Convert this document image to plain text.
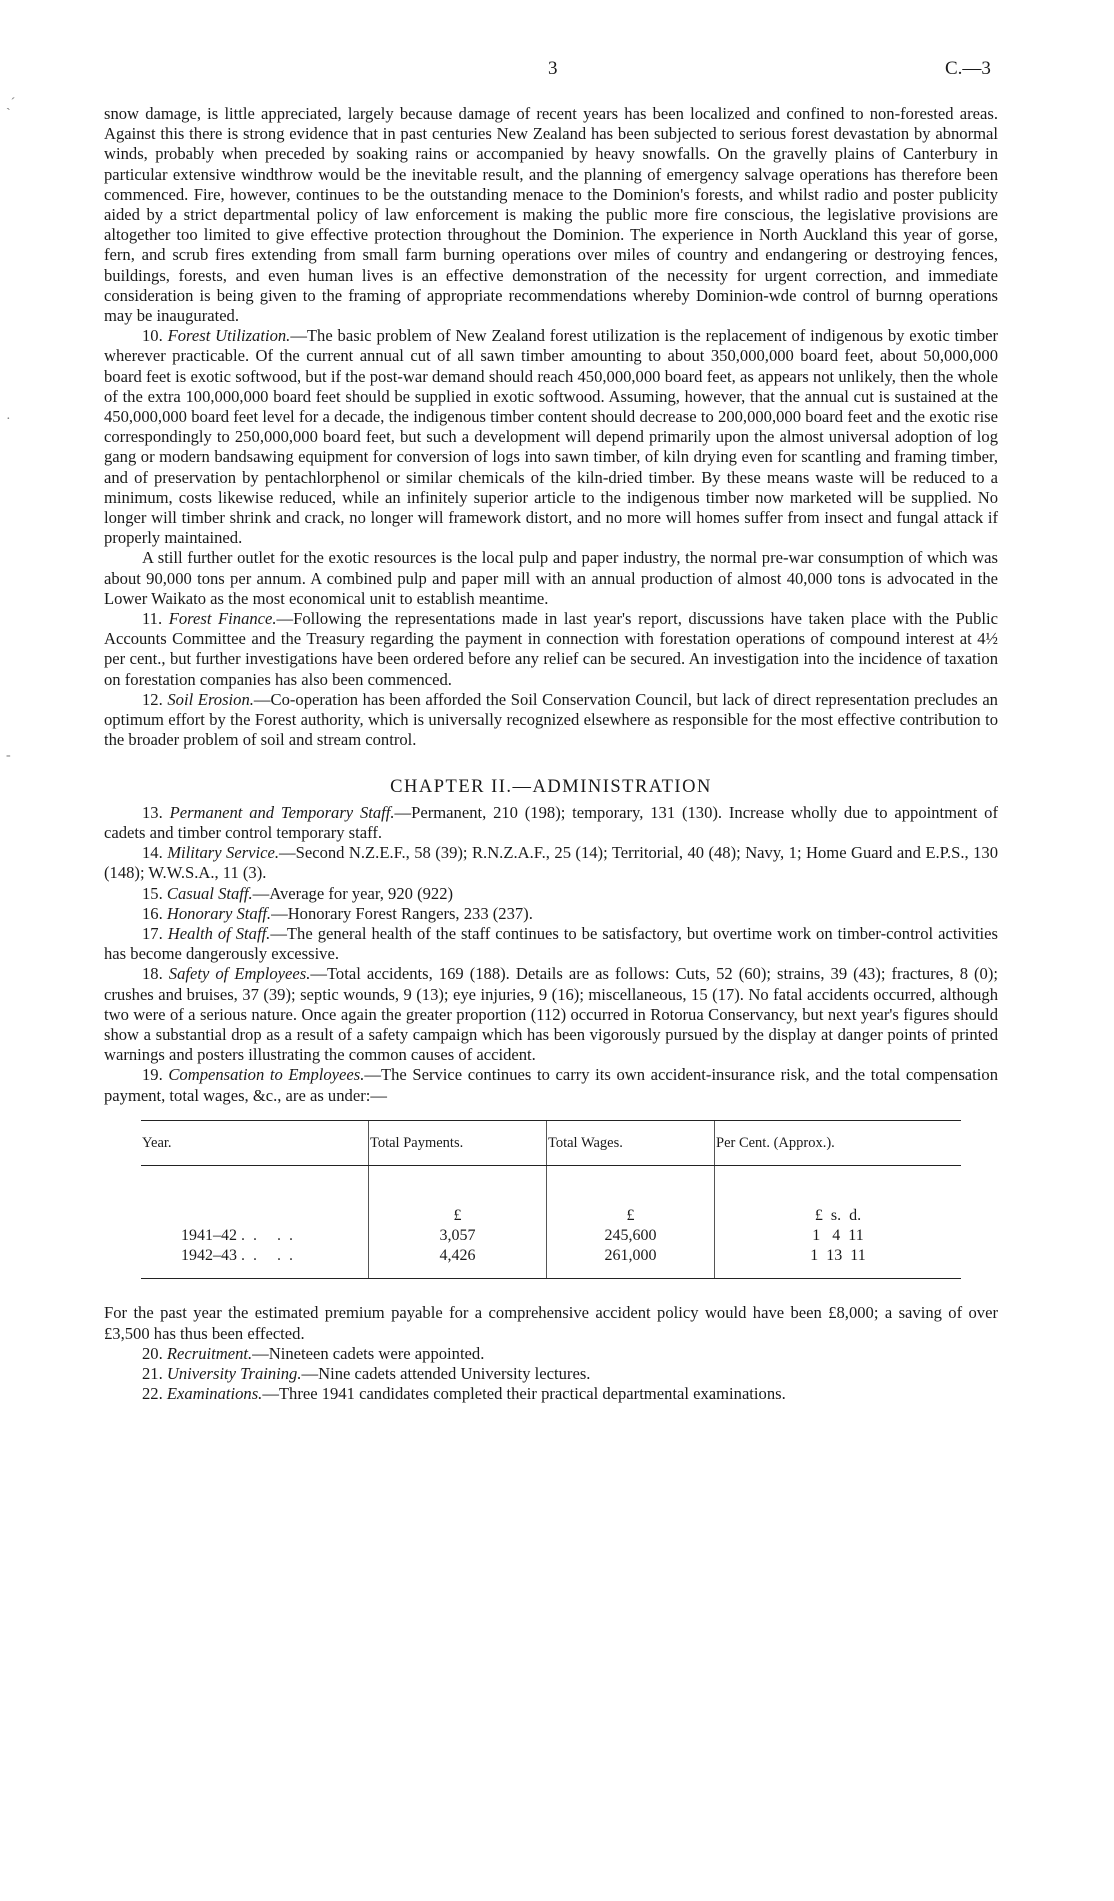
3	C.—3
ˎ´
·
-

snow damage, is little appreciated, largely because damage of recent years has been localized and confined to non-forested areas. Against this there is strong evidence that in past centuries New Zealand has been subjected to serious forest devastation by abnormal winds, probably when preceded by soaking rains or accompanied by heavy snowfalls. On the gravelly plains of Canterbury in particular extensive windthrow would be the inevitable result, and the planning of emergency salvage operations has therefore been commenced. Fire, however, continues to be the outstanding menace to the Dominion's forests, and whilst radio and poster publicity aided by a strict departmental policy of law enforcement is making the public more fire conscious, the legislative provisions are altogether too limited to give effective protection throughout the Dominion. The experience in North Auckland this year of gorse, fern, and scrub fires extending from small farm burning operations over miles of country and endangering or destroying fences, buildings, forests, and even human lives is an effective demonstration of the necessity for urgent correction, and immediate consideration is being given to the framing of appropriate recommendations whereby Dominion-wde control of burnng operations may be inaugurated.

10. Forest Utilization.—The basic problem of New Zealand forest utilization is the replacement of indigenous by exotic timber wherever practicable. Of the current annual cut of all sawn timber amounting to about 350,000,000 board feet, about 50,000,000 board feet is exotic softwood, but if the post-war demand should reach 450,000,000 board feet, as appears not unlikely, then the whole of the extra 100,000,000 board feet should be supplied in exotic softwood. Assuming, however, that the annual cut is sustained at the 450,000,000 board feet level for a decade, the indigenous timber content should decrease to 200,000,000 board feet and the exotic rise correspondingly to 250,000,000 board feet, but such a development will depend primarily upon the almost universal adoption of log gang or modern bandsawing equipment for conversion of logs into sawn timber, of kiln drying even for scantling and framing timber, and of preservation by pentachlorphenol or similar chemicals of the kiln-dried timber. By these means waste will be reduced to a minimum, costs likewise reduced, while an infinitely superior article to the indigenous timber now marketed will be supplied. No longer will timber shrink and crack, no longer will framework distort, and no more will homes suffer from insect and fungal attack if properly maintained.

A still further outlet for the exotic resources is the local pulp and paper industry, the normal pre-war consumption of which was about 90,000 tons per annum. A combined pulp and paper mill with an annual production of almost 40,000 tons is advocated in the Lower Waikato as the most economical unit to establish meantime.

11. Forest Finance.—Following the representations made in last year's report, discussions have taken place with the Public Accounts Committee and the Treasury regarding the payment in connection with forestation operations of compound interest at 4½ per cent., but further investigations have been ordered before any relief can be secured. An investigation into the incidence of taxation on forestation companies has also been commenced.

12. Soil Erosion.—Co-operation has been afforded the Soil Conservation Council, but lack of direct representation precludes an optimum effort by the Forest authority, which is universally recognized elsewhere as responsible for the most effective contribution to the broader problem of soil and stream control.

CHAPTER II.—ADMINISTRATION

13. Permanent and Temporary Staff.—Permanent, 210 (198); temporary, 131 (130). Increase wholly due to appointment of cadets and timber control temporary staff.

14. Military Service.—Second N.Z.E.F., 58 (39); R.N.Z.A.F., 25 (14); Territorial, 40 (48); Navy, 1; Home Guard and E.P.S., 130 (148); W.W.S.A., 11 (3).

15. Casual Staff.—Average for year, 920 (922)

16. Honorary Staff.—Honorary Forest Rangers, 233 (237).

17. Health of Staff.—The general health of the staff continues to be satisfactory, but overtime work on timber-control activities has become dangerously excessive.

18. Safety of Employees.—Total accidents, 169 (188). Details are as follows: Cuts, 52 (60); strains, 39 (43); fractures, 8 (0); crushes and bruises, 37 (39); septic wounds, 9 (13); eye injuries, 9 (16); miscellaneous, 15 (17). No fatal accidents occurred, although two were of a serious nature. Once again the greater proportion (112) occurred in Rotorua Conservancy, but next year's figures should show a substantial drop as a result of a safety campaign which has been vigorously pursued by the display at danger points of printed warnings and posters illustrating the common causes of accident.

19. Compensation to Employees.—The Service continues to carry its own accident-insurance risk, and the total compensation payment, total wages, &c., are as under:—

Year.	Total Payments.	Total Wages.	Per Cent. (Approx.).
	£	£	£  s.  d.
1941–42 .. ..	3,057	245,600	1   4  11
1942–43 .. ..	4,426	261,000	1  13  11

For the past year the estimated premium payable for a comprehensive accident policy would have been £8,000; a saving of over £3,500 has thus been effected.

20. Recruitment.—Nineteen cadets were appointed.

21. University Training.—Nine cadets attended University lectures.

22. Examinations.—Three 1941 candidates completed their practical departmental examinations.
